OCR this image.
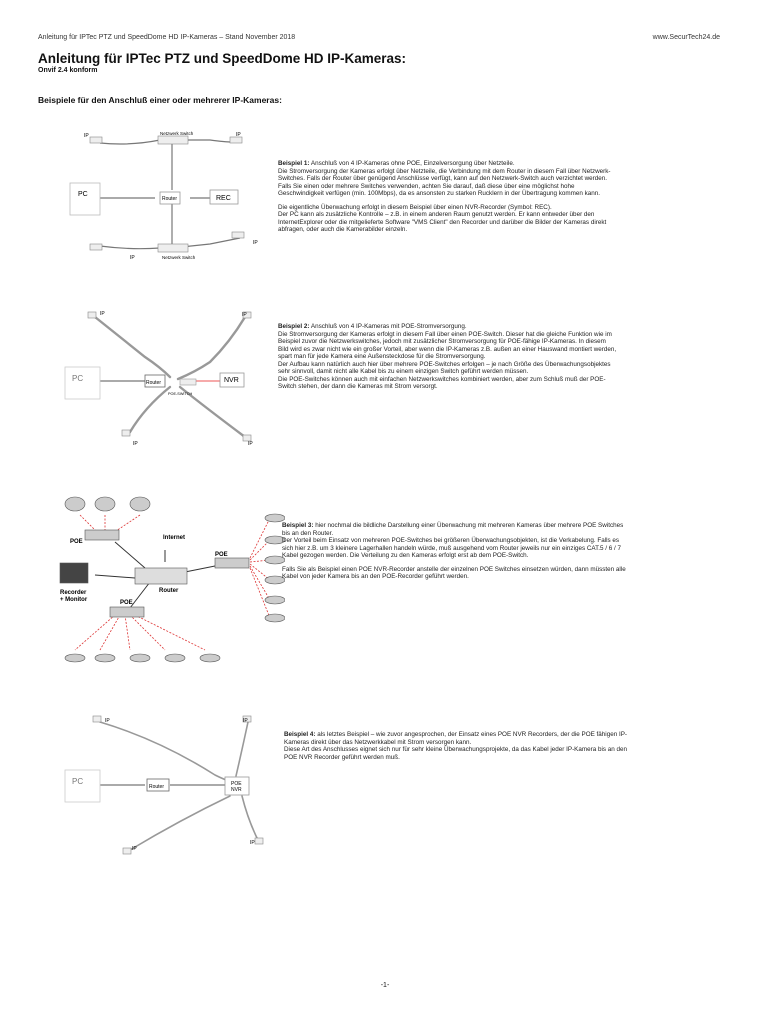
Anleitung für IPTec PTZ und SpeedDome HD IP-Kameras – Stand November 2018	www.SecurTech24.de
Anleitung für IPTec PTZ und SpeedDome HD IP-Kameras:
Onvif 2.4 konform
Beispiele für den Anschluß einer oder mehrerer IP-Kameras:
Netzwerk Switch
Netzwerk Switch
IP	IP
IP
IP
Router
PC
REC

Beispiel 1: Anschluß von 4 IP-Kameras ohne POE, Einzelversorgung über Netzteile.
Die Stromversorgung der Kameras erfolgt über Netzteile, die Verbindung mit dem Router in diesem Fall über Netzwerk-Switches. Falls der Router über genügend Anschlüsse verfügt, kann auf den Netzwerk-Switch auch verzichtet werden.
Falls Sie einen oder mehrere Switches verwenden, achten Sie darauf, daß diese über eine möglichst hohe Geschwindigkeit verfügen (min. 100Mbps), da es ansonsten zu starken Rucklern in der Übertragung kommen kann.

Die eigentliche Überwachung erfolgt in diesem Beispiel über einen NVR-Recorder (Symbol: REC).
Der PC kann als zusätzliche Kontrolle – z.B. in einem anderen Raum genutzt werden. Er kann entweder über den InternetExplorer oder die mitgelieferte Software "VMS Client" den Recorder und darüber die Bilder der Kameras direkt abfragen, oder auch die Kamerabilder einzeln.

IP	IP
IP	IP
PC	Router
POE-SWITCH
NVR

Beispiel 2: Anschluß von 4 IP-Kameras mit POE-Stromversorgung.
Die Stromversorgung der Kameras erfolgt in diesem Fall über einen POE-Switch. Dieser hat die gleiche Funktion wie im Beispiel zuvor die Netzwerkswitches, jedoch mit zusätzlicher Stromversorgung für POE-fähige IP-Kameras. In diesem Bild wird es zwar nicht wie ein großer Vorteil, aber wenn die IP-Kameras z.B. außen an einer Hauswand montiert werden, spart man für jede Kamera eine Außensteckdose für die Stromversorgung.
Der Aufbau kann natürlich auch hier über mehrere POE-Switches erfolgen – je nach Größe des Überwachungsobjektes sehr sinnvoll, damit nicht alle Kabel bis zu einem einzigen Switch geführt werden müssen.
Die POE-Switches können auch mit einfachen Netzwerkswitches kombiniert werden, aber zum Schluß muß der POE-Switch stehen, der dann die Kameras mit Strom versorgt.

POE
POE
POE
Internet
Router
Recorder
+ Monitor

Beispiel 3: hier nochmal die bildliche Darstellung einer Überwachung mit mehreren Kameras über mehrere POE Switches bis an den Router.
Der Vorteil beim Einsatz von mehreren POE-Switches bei größeren Überwachungsobjekten, ist die Verkabelung. Falls es sich hier z.B. um 3 kleinere Lagerhallen handeln würde, muß ausgehend vom Router jeweils nur ein einziges CAT.5 / 6 / 7 Kabel gezogen werden. Die Verteilung zu den Kameras erfolgt erst ab dem POE-Switch.

Falls Sie als Beispiel einen POE NVR-Recorder anstelle der einzelnen POE Switches einsetzen würden, dann müssten alle Kabel von jeder Kamera bis an den POE-Recorder geführt werden.

IP	IP
IP
IP
PC
Router	POE
NVR

Beispiel 4: als letztes Beispiel – wie zuvor angesprochen, der Einsatz eines POE NVR Recorders, der die POE fähigen IP-Kameras direkt über das Netzwerkkabel mit Strom versorgen kann.
Diese Art des Anschlusses eignet sich nur für sehr kleine Überwachungsprojekte, da das Kabel jeder IP-Kamera bis an den POE NVR Recorder geführt werden muß.

-1-
